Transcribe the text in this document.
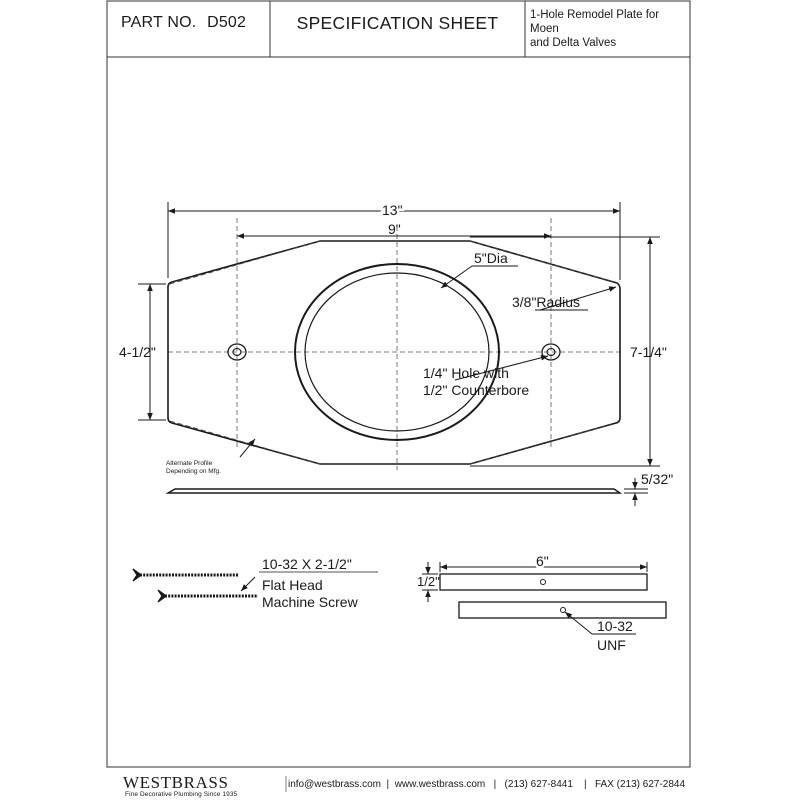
13"
9"
5"Dia
3/8"Radius
4-1/2"	7-1/4"
1/4" Hole with
1/2" Counterbore
Alternate Profile
Depending on Mfg.	5/32"
10-32 X 2-1/2"
Flat Head
Machine Screw
6"
1/2"
10-32
UNF
PART NO. D502	SPECIFICATION SHEET	1-Hole Remodel Plate for Moen
and Delta Valves
WESTBRASS
Fine Decorative Plumbing Since 1935
info@westbrass.com  |  www.westbrass.com   |   (213) 627-8441    |   FAX (213) 627-2844
